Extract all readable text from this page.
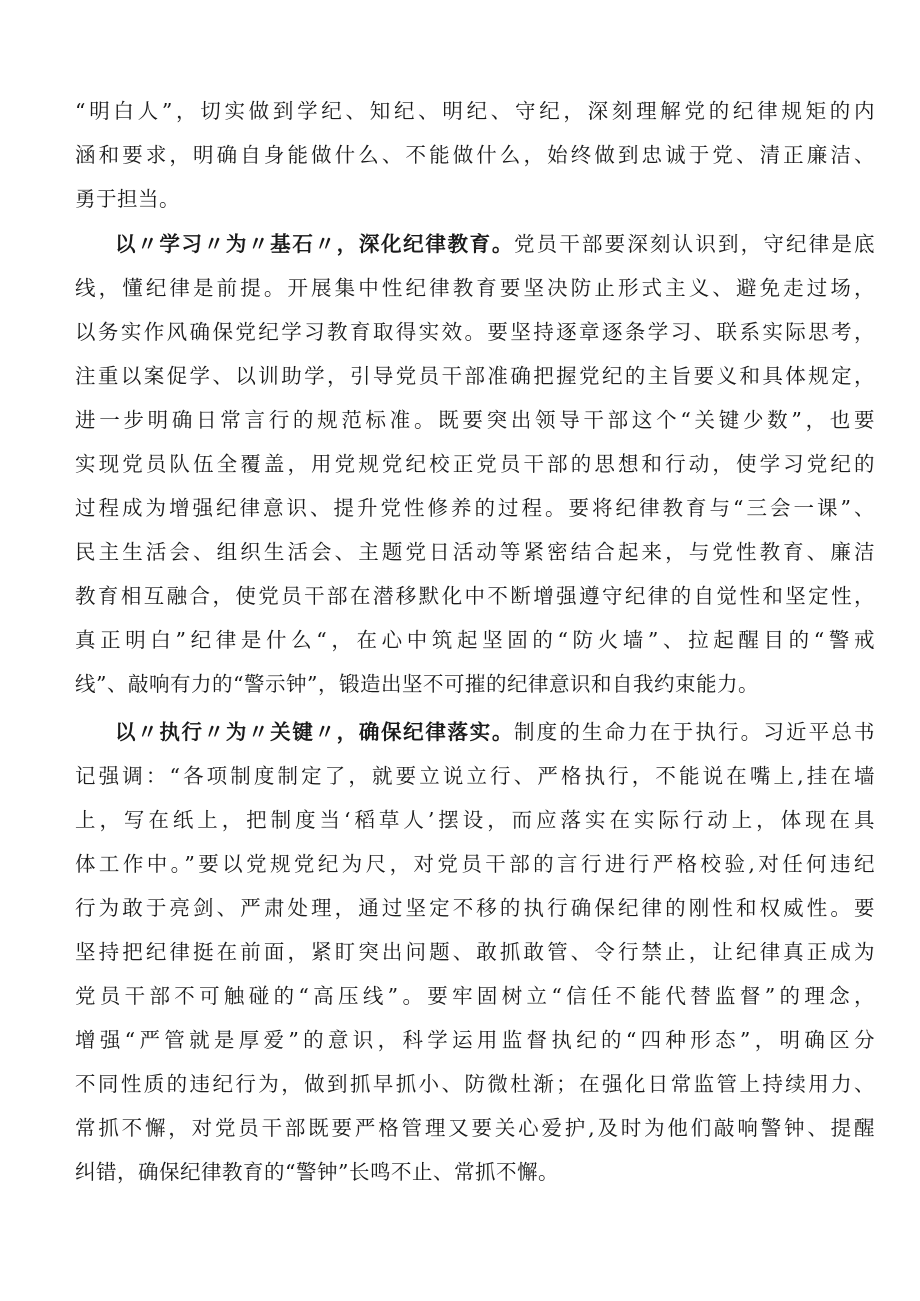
“明白人”，切实做到学纪、知纪、明纪、守纪，深刻理解党的纪律规矩的内
涵和要求，明确自身能做什么、不能做什么，始终做到忠诚于党、清正廉洁、
勇于担当。
以〃学习〃为〃基石〃，深化纪律教育。党员干部要深刻认识到，守纪律是底
线，懂纪律是前提。开展集中性纪律教育要坚决防止形式主义、避免走过场，
以务实作风确保党纪学习教育取得实效。要坚持逐章逐条学习、联系实际思考，
注重以案促学、以训助学，引导党员干部准确把握党纪的主旨要义和具体规定，
进一步明确日常言行的规范标准。既要突出领导干部这个“关键少数”，也要
实现党员队伍全覆盖，用党规党纪校正党员干部的思想和行动，使学习党纪的
过程成为增强纪律意识、提升党性修养的过程。要将纪律教育与“三会一课”、
民主生活会、组织生活会、主题党日活动等紧密结合起来，与党性教育、廉洁
教育相互融合，使党员干部在潜移默化中不断增强遵守纪律的自觉性和坚定性，
真正明白”纪律是什么“，在心中筑起坚固的“防火墙”、拉起醒目的“警戒
线”、敲响有力的“警示钟”，锻造出坚不可摧的纪律意识和自我约束能力。
以〃执行〃为〃关键〃，确保纪律落实。制度的生命力在于执行。习近平总书
记强调：“各项制度制定了，就要立说立行、严格执行，不能说在嘴上,挂在墙
上，写在纸上，把制度当‘稻草人’摆设，而应落实在实际行动上，体现在具
体工作中。”要以党规党纪为尺，对党员干部的言行进行严格校验,对任何违纪
行为敢于亮剑、严肃处理，通过坚定不移的执行确保纪律的刚性和权威性。要
坚持把纪律挺在前面，紧盯突出问题、敢抓敢管、令行禁止，让纪律真正成为
党员干部不可触碰的“高压线”。要牢固树立“信任不能代替监督”的理念，
增强“严管就是厚爱”的意识，科学运用监督执纪的“四种形态”，明确区分
不同性质的违纪行为，做到抓早抓小、防微杜渐；在强化日常监管上持续用力、
常抓不懈，对党员干部既要严格管理又要关心爱护,及时为他们敲响警钟、提醒
纠错，确保纪律教育的“警钟”长鸣不止、常抓不懈。
